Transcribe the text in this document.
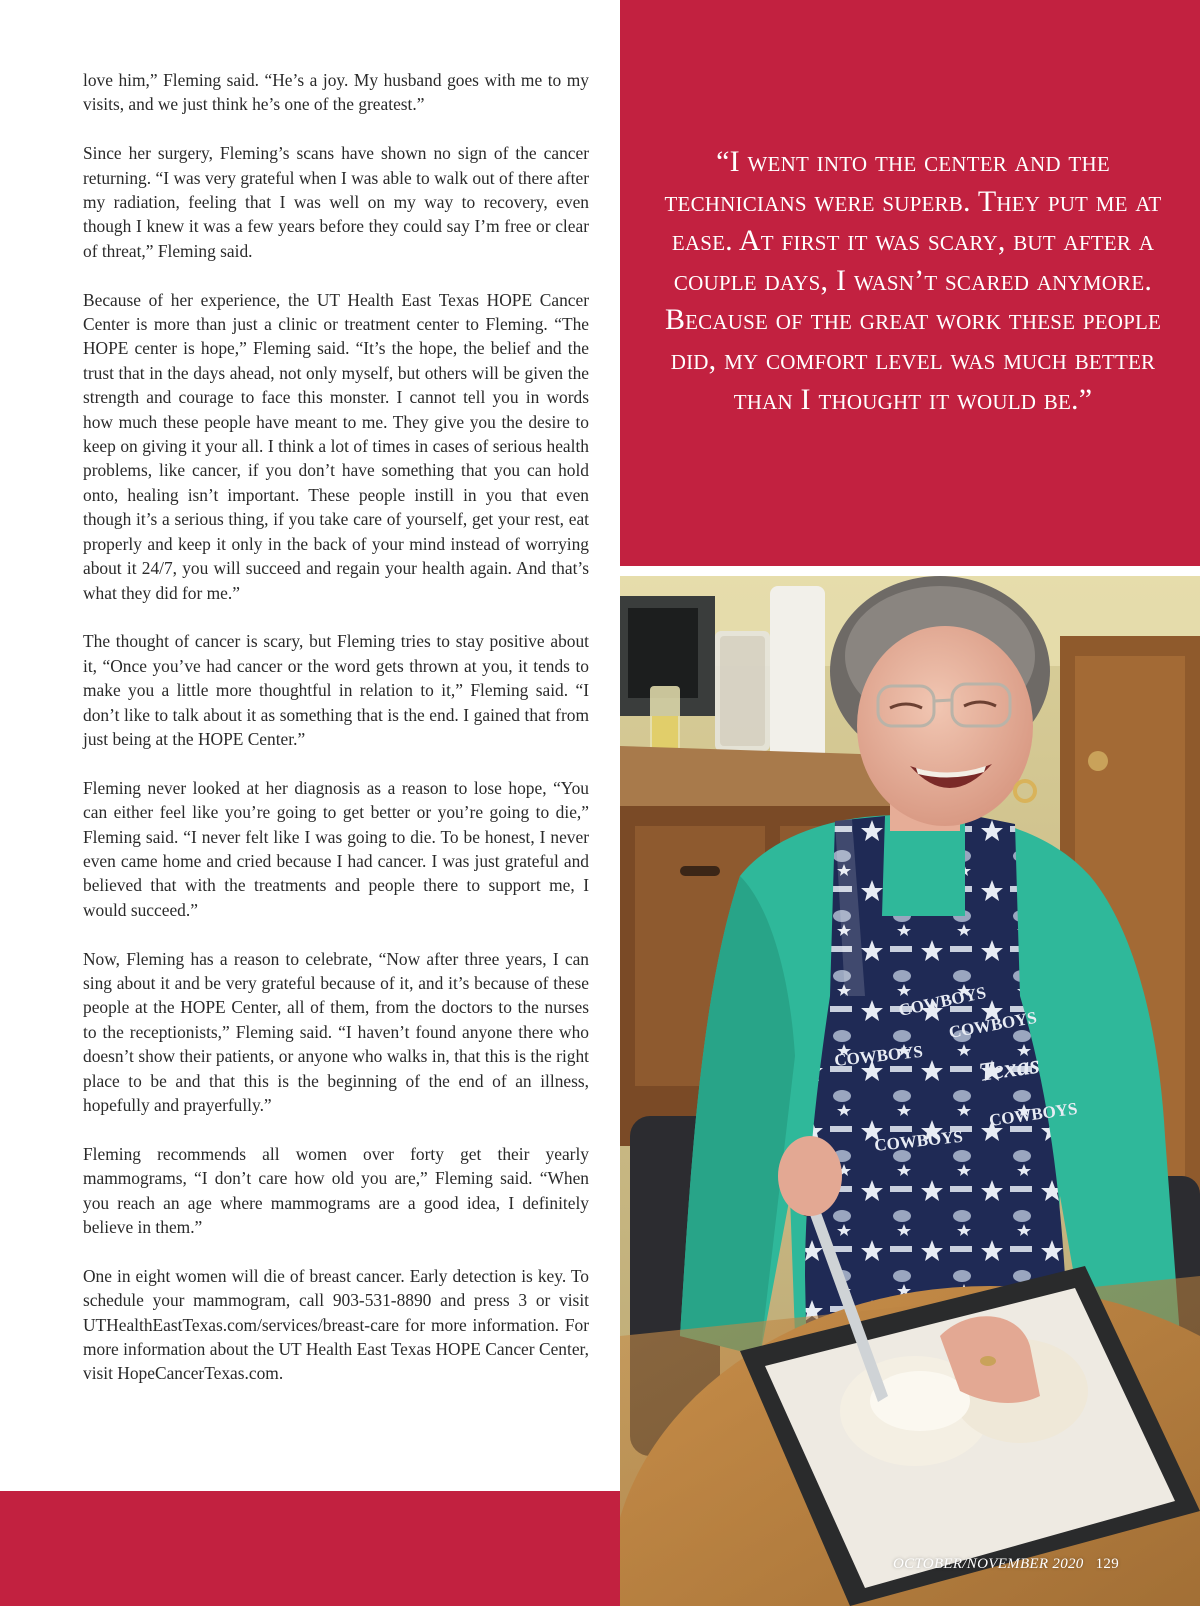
love him,” Fleming said. “He’s a joy. My husband goes with me to my visits, and we just think he’s one of the greatest.”

Since her surgery, Fleming’s scans have shown no sign of the cancer returning. “I was very grateful when I was able to walk out of there after my radiation, feeling that I was well on my way to recovery, even though I knew it was a few years before they could say I’m free or clear of threat,” Fleming said.

Because of her experience, the UT Health East Texas HOPE Cancer Center is more than just a clinic or treatment center to Fleming. “The HOPE center is hope,” Fleming said. “It’s the hope, the belief and the trust that in the days ahead, not only myself, but others will be given the strength and courage to face this monster. I cannot tell you in words how much these people have meant to me. They give you the desire to keep on giving it your all. I think a lot of times in cases of serious health problems, like cancer, if you don’t have something that you can hold onto, healing isn’t important. These people instill in you that even though it’s a serious thing, if you take care of yourself, get your rest, eat properly and keep it only in the back of your mind instead of worrying about it 24/7, you will succeed and regain your health again. And that’s what they did for me.”

The thought of cancer is scary, but Fleming tries to stay positive about it, “Once you’ve had cancer or the word gets thrown at you, it tends to make you a little more thoughtful in relation to it,” Fleming said. “I don’t like to talk about it as something that is the end. I gained that from just being at the HOPE Center.”

Fleming never looked at her diagnosis as a reason to lose hope, “You can either feel like you’re going to get better or you’re going to die,” Fleming said. “I never felt like I was going to die. To be honest, I never even came home and cried because I had cancer. I was just grateful and believed that with the treatments and people there to support me, I would succeed.”

Now, Fleming has a reason to celebrate, “Now after three years, I can sing about it and be very grateful because of it, and it’s because of these people at the HOPE Center, all of them, from the doctors to the nurses to the receptionists,” Fleming said. “I haven’t found anyone there who doesn’t show their patients, or anyone who walks in, that this is the right place to be and that this is the beginning of the end of an illness, hopefully and prayerfully.”

Fleming recommends all women over forty get their yearly mammograms, “I don’t care how old you are,” Fleming said. “When you reach an age where mammograms are a good idea, I definitely believe in them.”

One in eight women will die of breast cancer. Early detection is key. To schedule your mammogram, call 903-531-8890 and press 3 or visit UTHealthEastTexas.com/services/breast-care for more information. For more information about the UT Health East Texas HOPE Cancer Center, visit HopeCancerTexas.com.

“I went into the center and the technicians were superb. They put me at ease. At first it was scary, but after a couple days, I wasn’t scared anymore. Because of the great work these people did, my comfort level was much better than I thought it would be.”

COWBOYS
COWBOYS
Texas
COWBOYS
COWBOYS
COWBOYS
OCTOBER/NOVEMBER 2020 129
